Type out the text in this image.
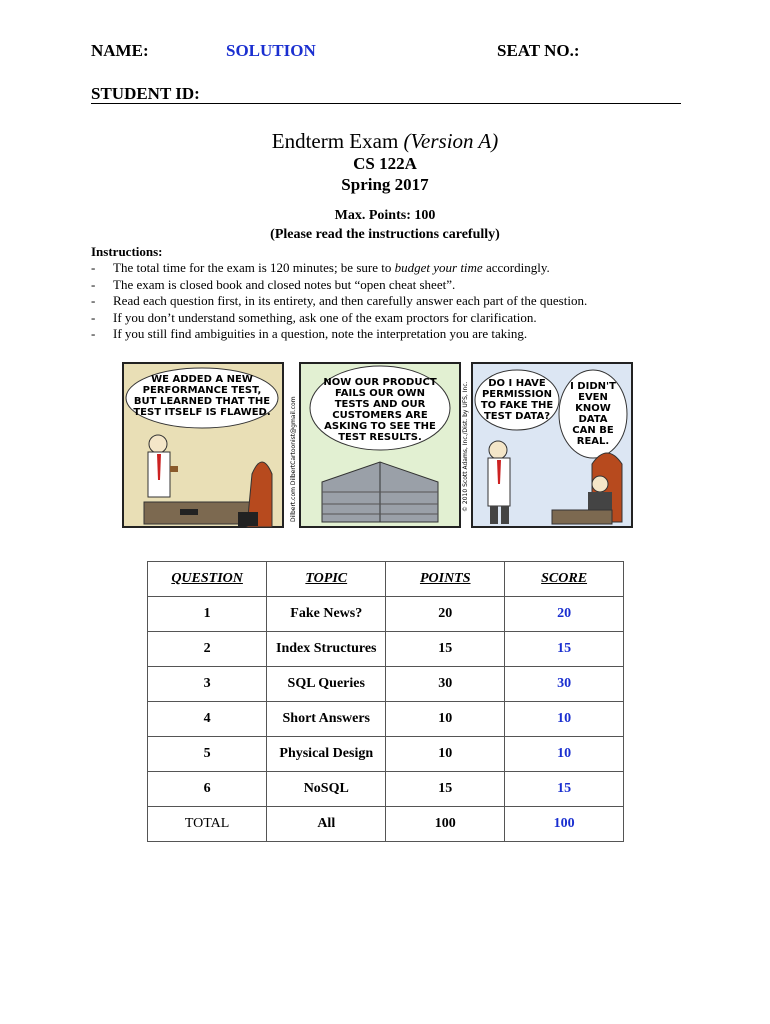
NAME:	SOLUTION	SEAT NO.:
STUDENT ID:
Endterm Exam (Version A)
CS 122A
Spring 2017
Max. Points: 100
(Please read the instructions carefully)
Instructions:
- The total time for the exam is 120 minutes; be sure to budget your time accordingly.
- The exam is closed book and closed notes but “open cheat sheet”.
- Read each question first, in its entirety, and then carefully answer each part of the question.
- If you don’t understand something, ask one of the exam proctors for clarification.
- If you still find ambiguities in a question, note the interpretation you are taking.
WE ADDED A NEW
PERFORMANCE TEST,
BUT LEARNED THAT THE
TEST ITSELF IS FLAWED.	Dilbert.com DilbertCartoonist@gmail.com
NOW OUR PRODUCT
FAILS OUR OWN
TESTS AND OUR
CUSTOMERS ARE
ASKING TO SEE THE
TEST RESULTS.	© 2010 Scott Adams, Inc./Dist. by UFS, Inc. DO I HAVE
PERMISSION
TO FAKE THE
TEST DATA?
I DIDN'T
EVEN
KNOW
DATA
CAN BE
REAL.
QUESTION	TOPIC	POINTS	SCORE
1	Fake News?	20	20
2	Index Structures	15	15
3	SQL Queries	30	30
4	Short Answers	10	10
5	Physical Design	10	10
6	NoSQL	15	15
TOTAL	All	100	100
